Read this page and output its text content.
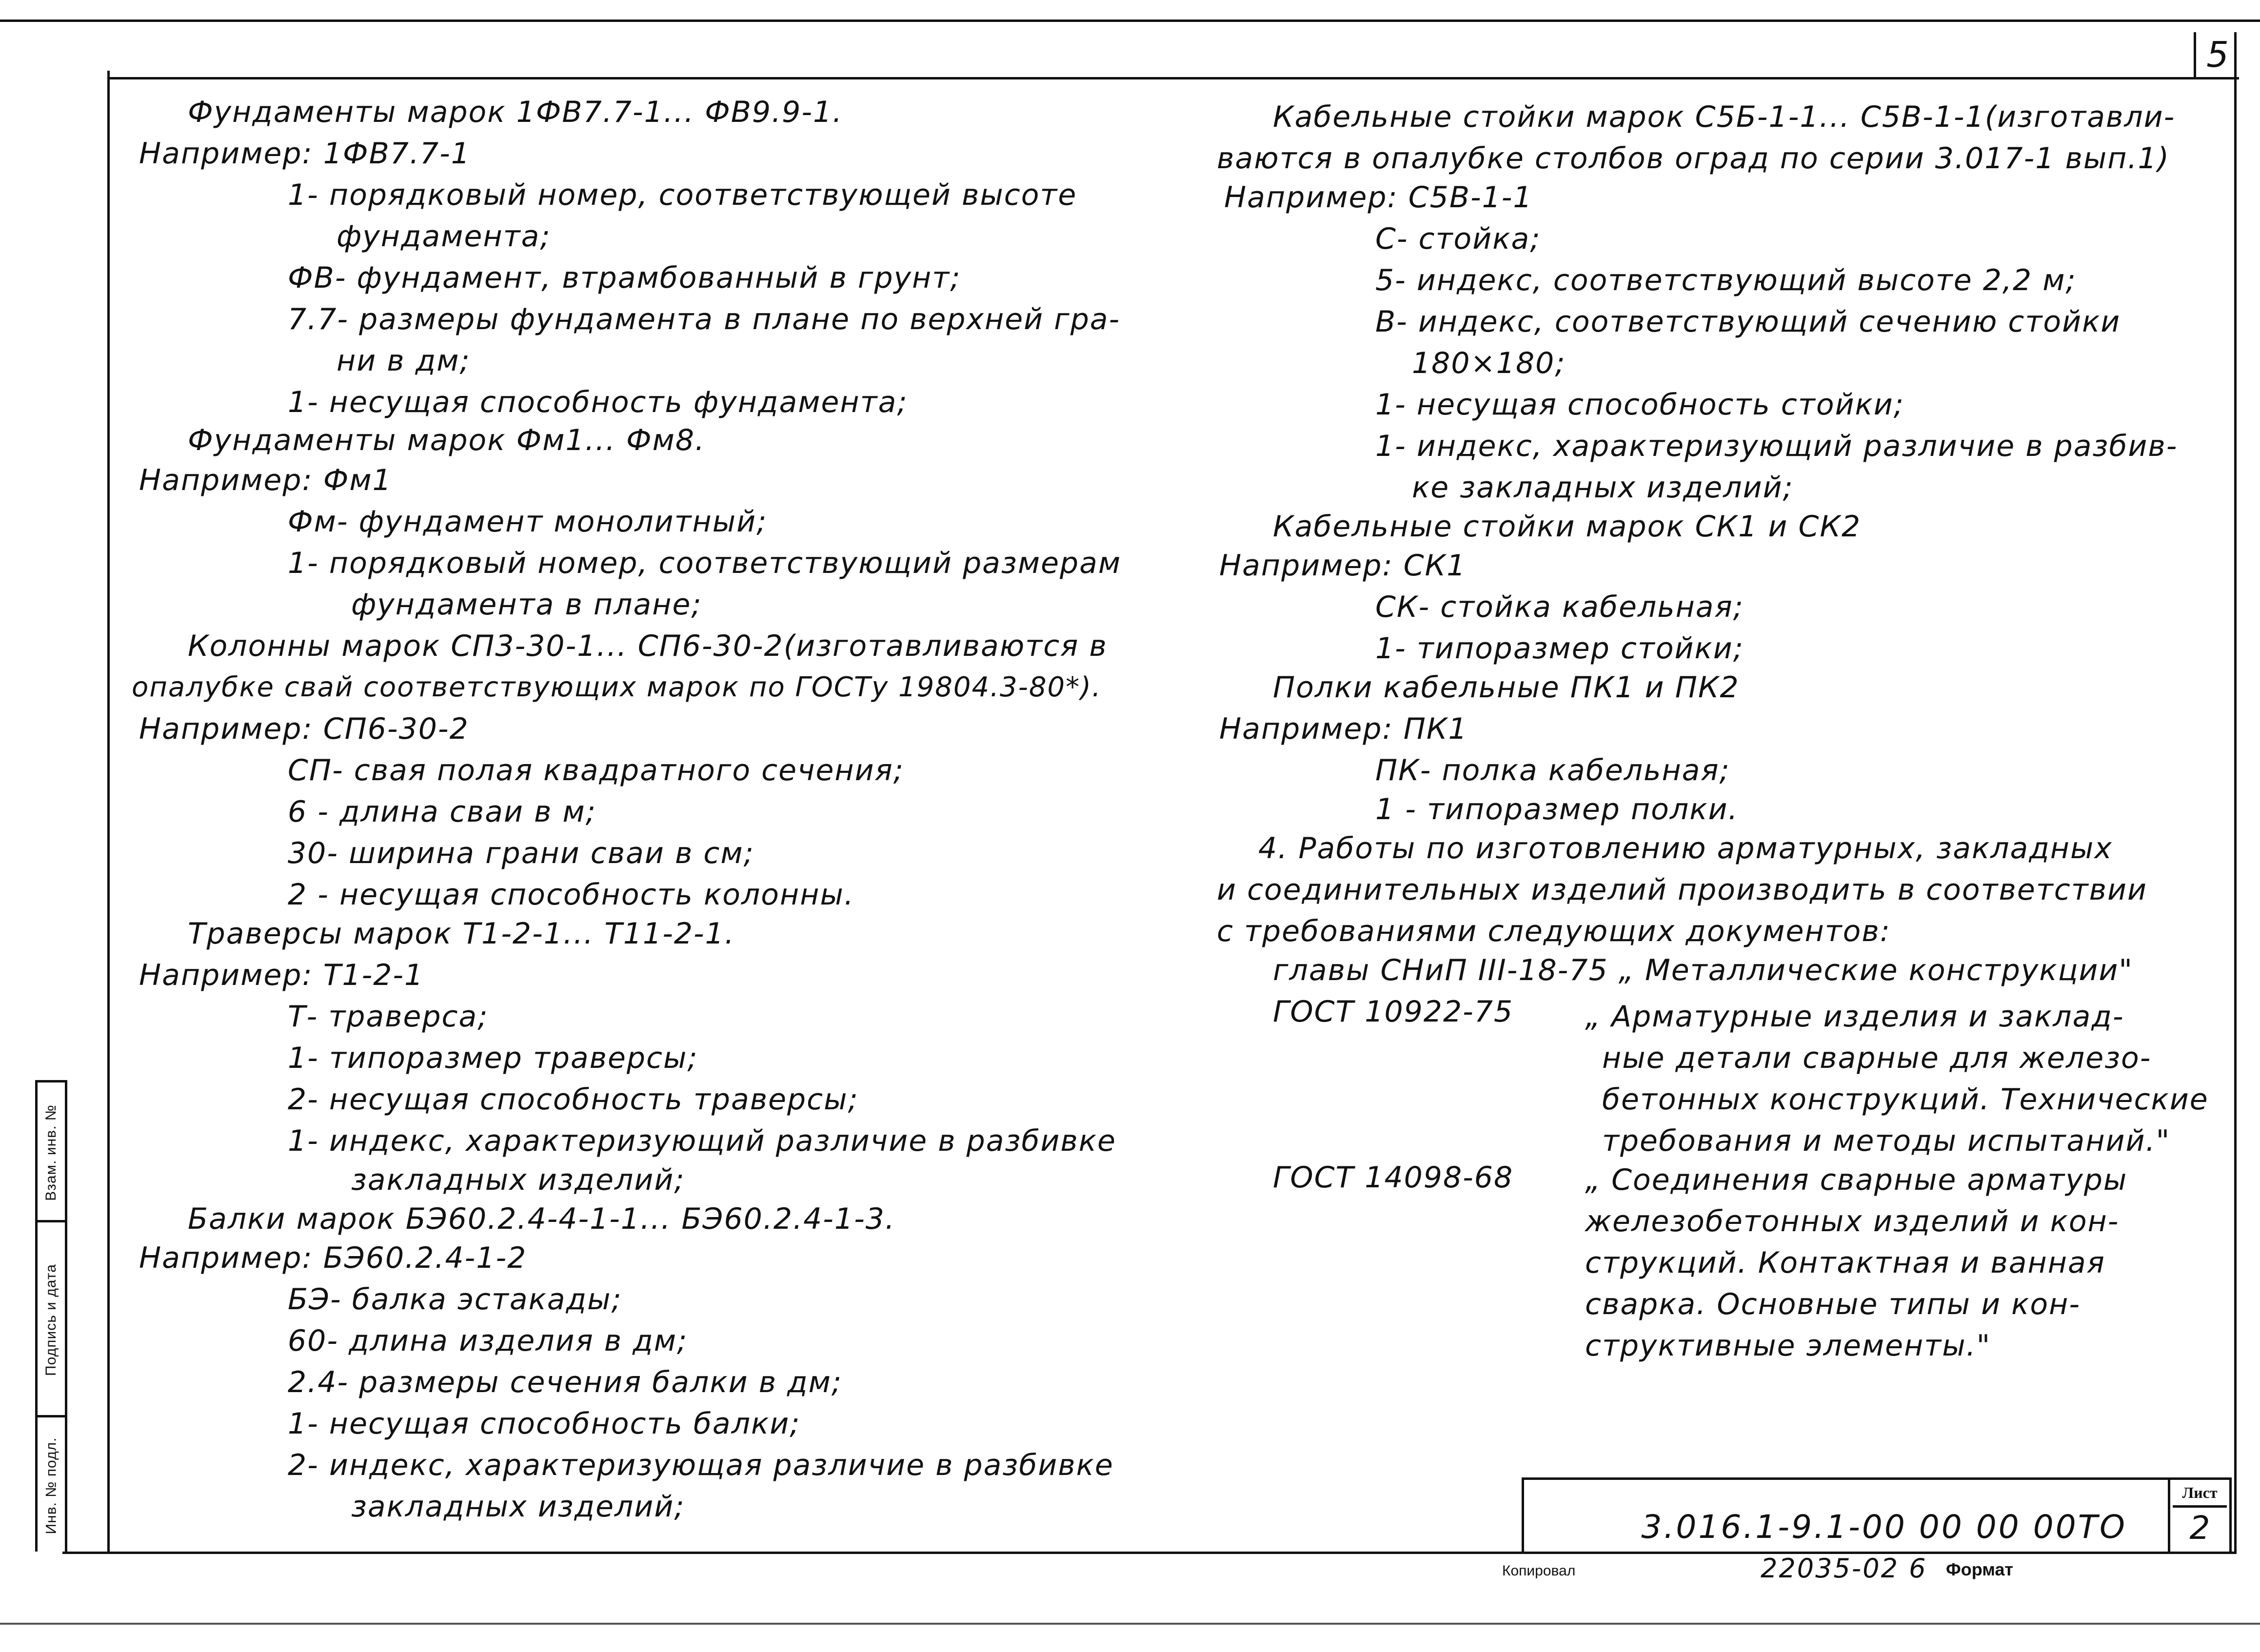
5
Фундаменты марок 1ФВ7.7-1... ФВ9.9-1.
Например: 1ФВ7.7-1
1- порядковый номер, соответствующей высоте
фундамента;
ФВ- фундамент, втрамбованный в грунт;
7.7- размеры фундамента в плане по верхней гра-
ни в дм;
1- несущая способность фундамента;
Фундаменты марок Фм1... Фм8.
Например: Фм1
Фм- фундамент монолитный;
1- порядковый номер, соответствующий размерам
фундамента в плане;
Колонны марок СП3-30-1... СП6-30-2(изготавливаются в
опалубке свай соответствующих марок по ГОСТу 19804.3-80*).
Например: СП6-30-2
СП- свая полая квадратного сечения;
6 - длина сваи в м;
30- ширина грани сваи в см;
2 - несущая способность колонны.
Траверсы марок Т1-2-1... Т11-2-1.
Например: Т1-2-1
Т- траверса;
1- типоразмер траверсы;
2- несущая способность траверсы;
1- индекс, характеризующий различие в разбивке
закладных изделий;
Балки марок БЭ60.2.4-4-1-1... БЭ60.2.4-1-3.
Например: БЭ60.2.4-1-2
БЭ- балка эстакады;
60- длина изделия в дм;
2.4- размеры сечения балки в дм;
1- несущая способность балки;
2- индекс, характеризующая различие в разбивке
закладных изделий;
Кабельные стойки марок С5Б-1-1... С5В-1-1(изготавли-
ваются в опалубке столбов оград по серии 3.017-1 вып.1)
Например: С5В-1-1
С- стойка;
5- индекс, соответствующий высоте 2,2 м;
В- индекс, соответствующий сечению стойки
180×180;
1- несущая способность стойки;
1- индекс, характеризующий различие в разбив-
ке закладных изделий;
Кабельные стойки марок СК1 и СК2
Например: СК1
СК- стойка кабельная;
1- типоразмер стойки;
Полки кабельные ПК1 и ПК2
Например: ПК1
ПК- полка кабельная;
1 - типоразмер полки.
4. Работы по изготовлению арматурных, закладных
и соединительных изделий производить в соответствии
с требованиями следующих документов:
главы СНиП III-18-75 „ Металлические конструкции"
ГОСТ 10922-75 „ Арматурные изделия и заклад-
ные детали сварные для железо-
бетонных конструкций. Технические
требования и методы испытаний."
ГОСТ 14098-68 „ Соединения сварные арматуры
железобетонных изделий и кон-
струкций. Контактная и ванная
сварка. Основные типы и кон-
структивные элементы."
Взам. инв. №
Подпись и дата
Инв. № подл.	3.016.1-9.1-00 00 00 00ТО
Лист
2
Копировал	22035-02 6 Формат
